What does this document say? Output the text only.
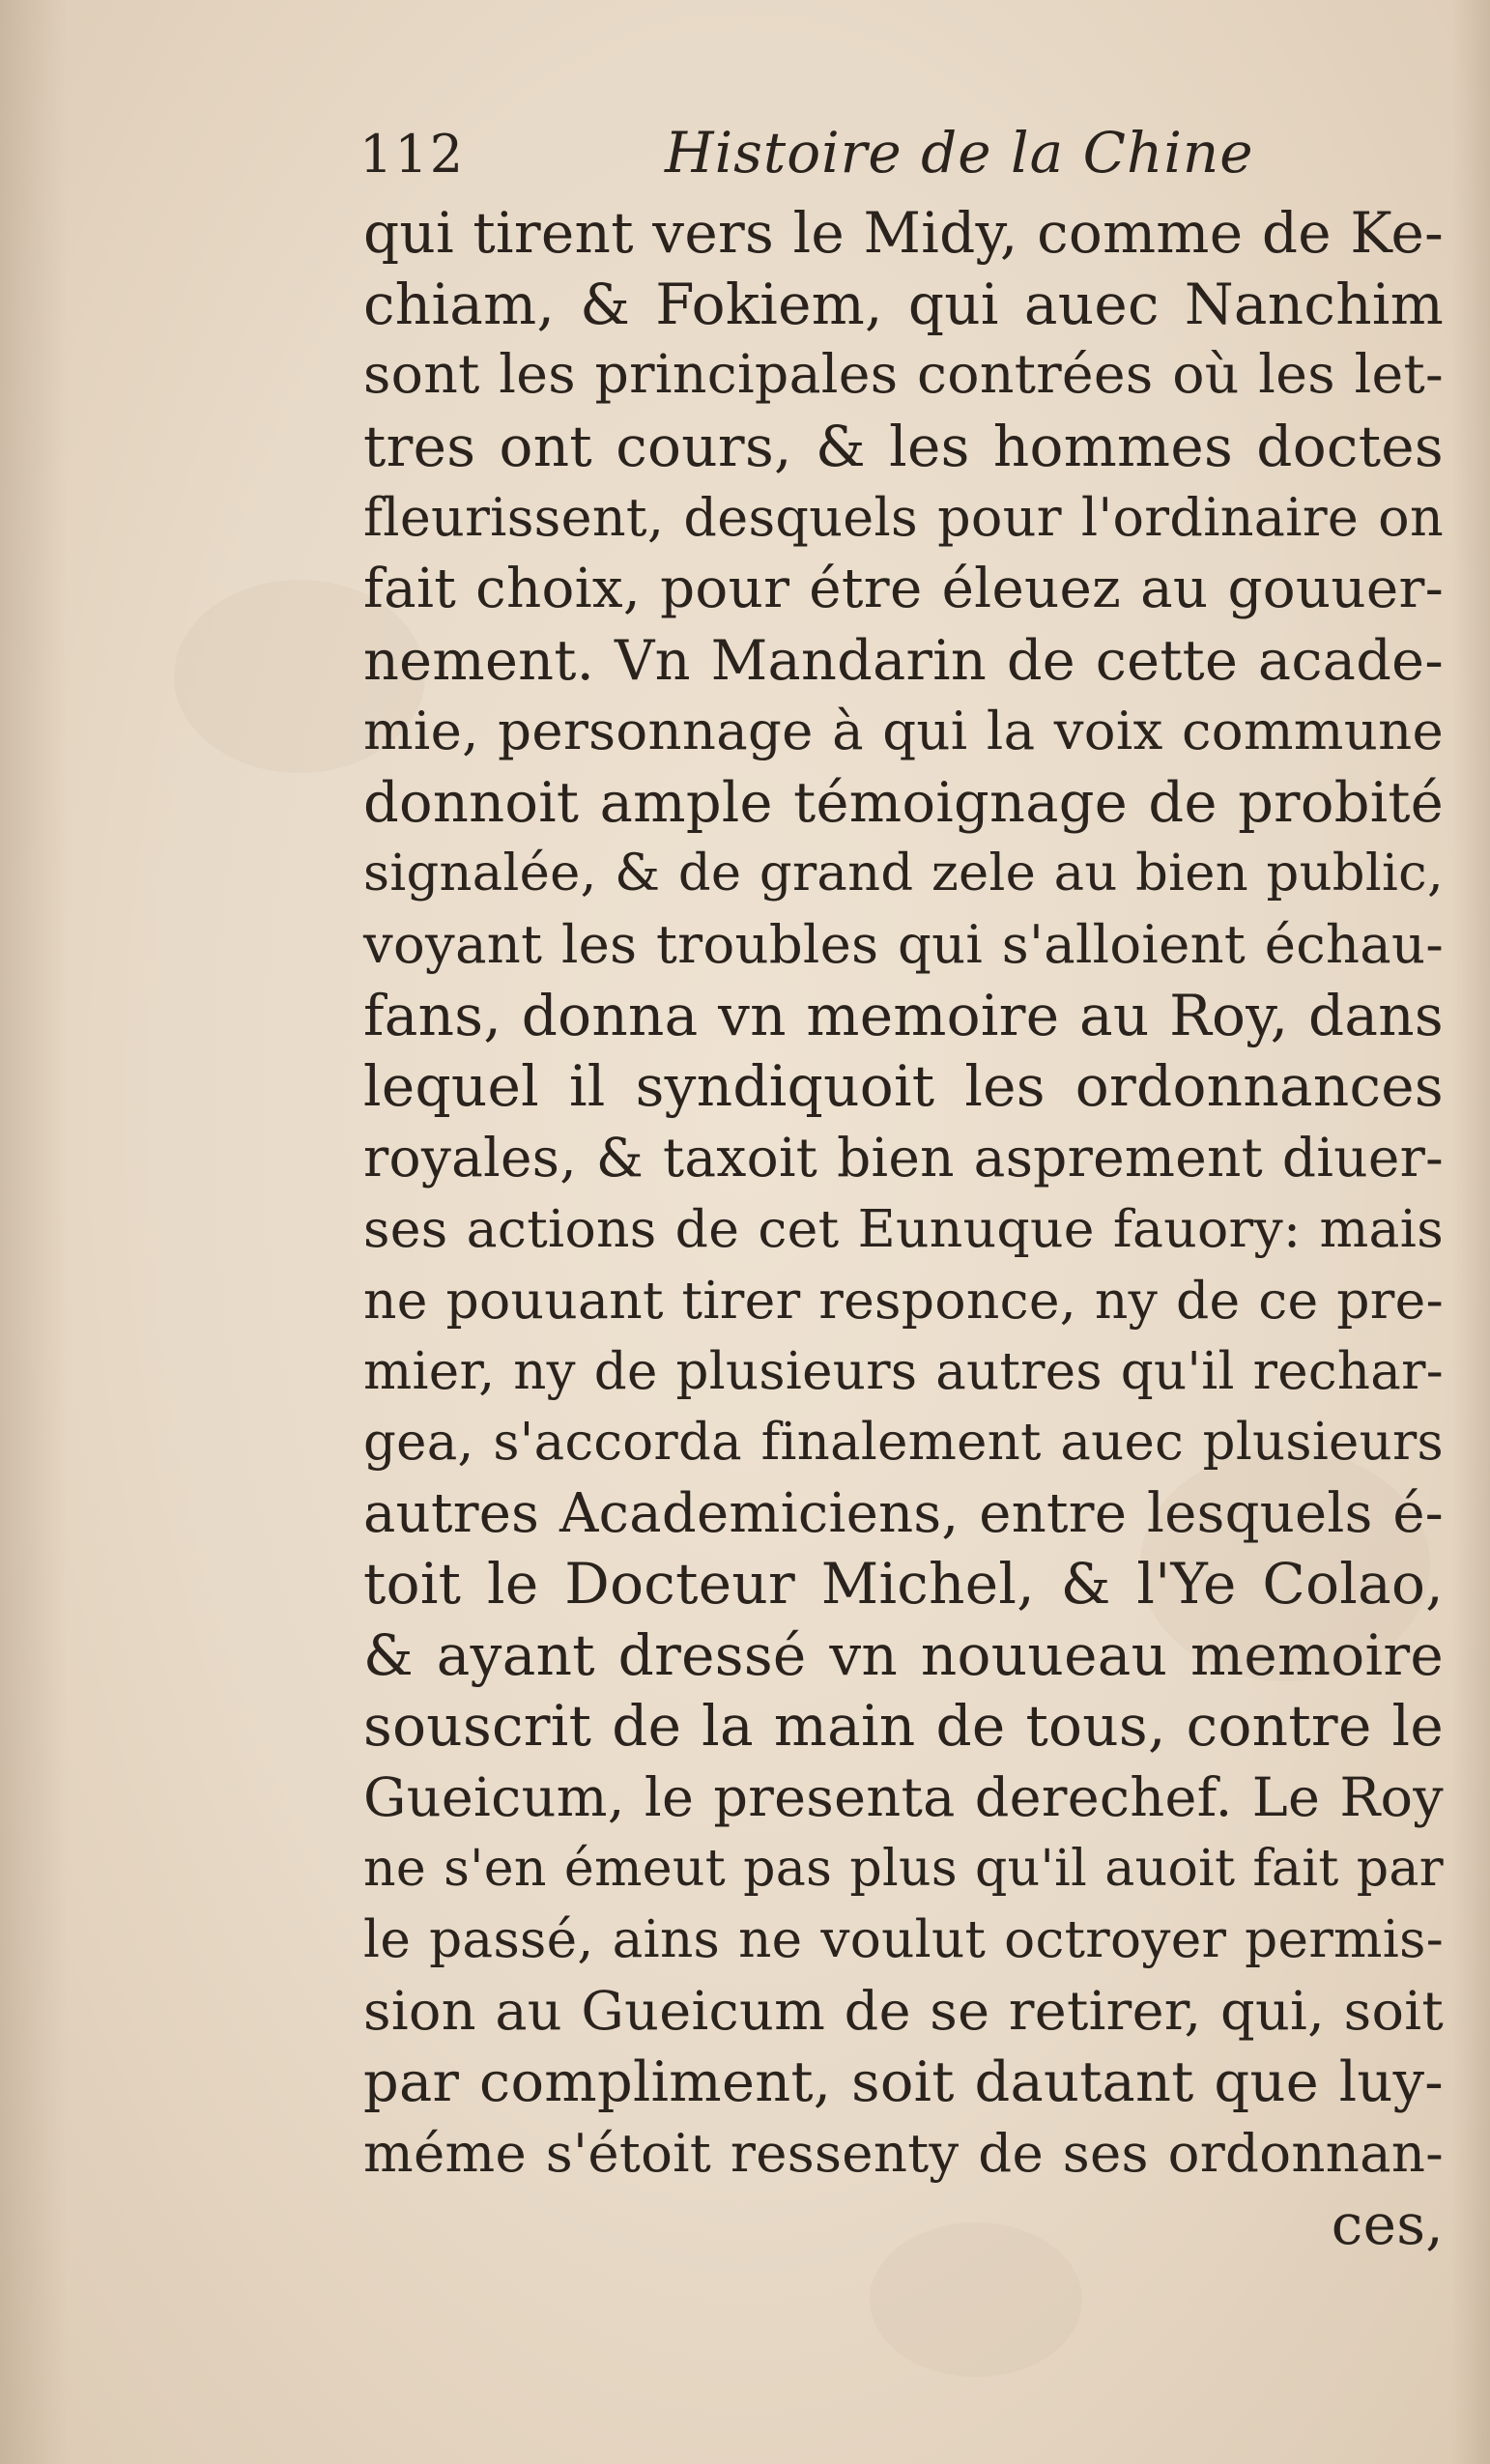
112	Histoire de la Chine
qui tirent vers le Midy, comme de Ke-
chiam, & Fokiem, qui auec Nanchim
sont les principales contrées où les let-
tres ont cours, & les hommes doctes
fleurissent, desquels pour l'ordinaire on
fait choix, pour étre éleuez au gouuer-
nement. Vn Mandarin de cette acade-
mie, personnage à qui la voix commune
donnoit ample témoignage de probité
signalée, & de grand zele au bien public,
voyant les troubles qui s'alloient échau-
fans, donna vn memoire au Roy, dans
lequel il syndiquoit les ordonnances
royales, & taxoit bien asprement diuer-
ses actions de cet Eunuque fauory: mais
ne pouuant tirer responce, ny de ce pre-
mier, ny de plusieurs autres qu'il rechar-
gea, s'accorda finalement auec plusieurs
autres Academiciens, entre lesquels é-
toit le Docteur Michel, & l'Ye Colao,
& ayant dressé vn nouueau memoire
souscrit de la main de tous, contre le
Gueicum, le presenta derechef. Le Roy
ne s'en émeut pas plus qu'il auoit fait par
le passé, ains ne voulut octroyer permis-
sion au Gueicum de se retirer, qui, soit
par compliment, soit dautant que luy-
méme s'étoit ressenty de ses ordonnan-
ces,
